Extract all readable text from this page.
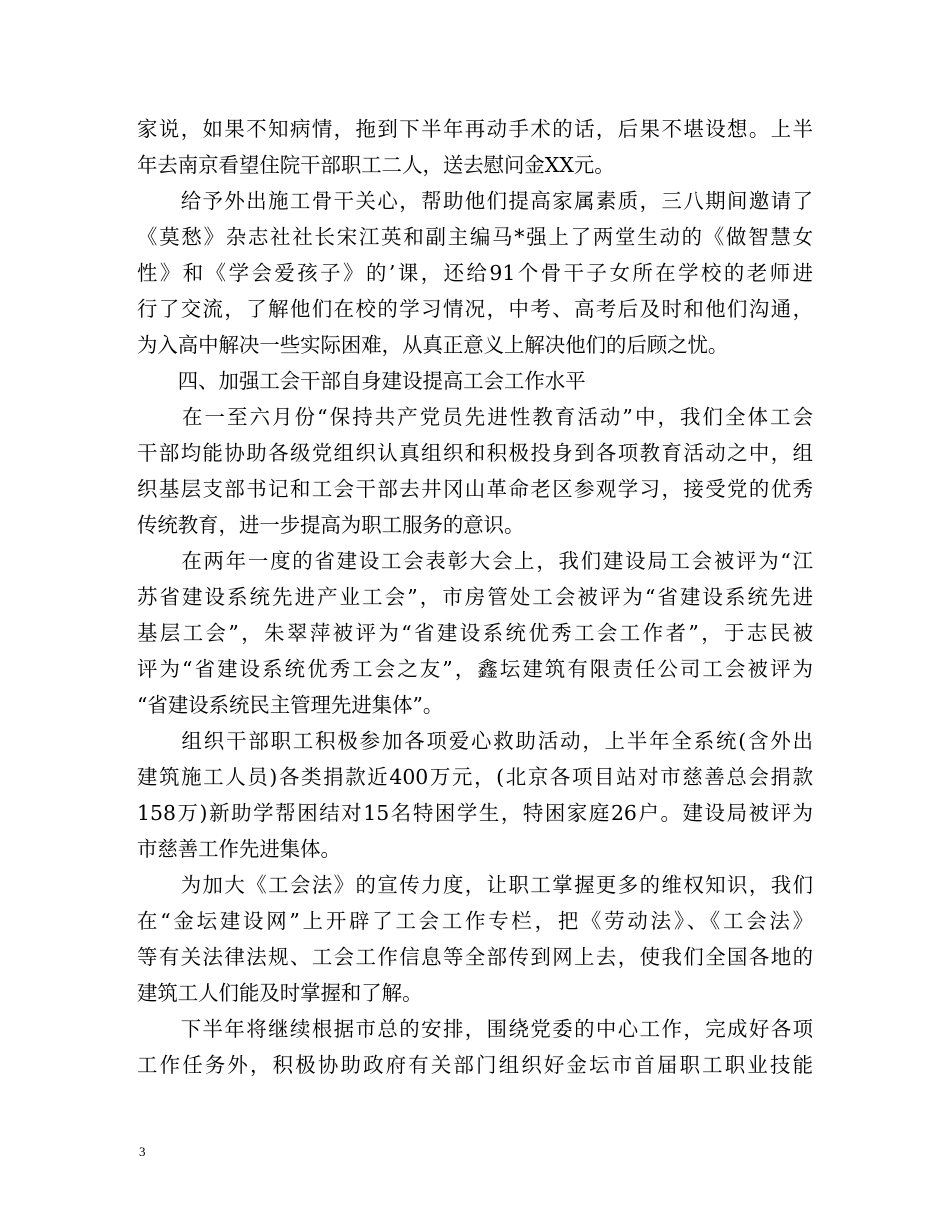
家说，如果不知病情，拖到下半年再动手术的话，后果不堪设想。上半
年去南京看望住院干部职工二人，送去慰问金XX元。

　　给予外出施工骨干关心，帮助他们提高家属素质，三八期间邀请了
《莫愁》杂志社社长宋江英和副主编马*强上了两堂生动的《做智慧女
性》和《学会爱孩子》的’课，还给91个骨干子女所在学校的老师进
行了交流，了解他们在校的学习情况，中考、高考后及时和他们沟通，
为入高中解决一些实际困难，从真正意义上解决他们的后顾之忧。

　　四、加强工会干部自身建设提高工会工作水平

　　在一至六月份“保持共产党员先进性教育活动”中，我们全体工会
干部均能协助各级党组织认真组织和积极投身到各项教育活动之中，组
织基层支部书记和工会干部去井冈山革命老区参观学习，接受党的优秀
传统教育，进一步提高为职工服务的意识。

　　在两年一度的省建设工会表彰大会上，我们建设局工会被评为“江
苏省建设系统先进产业工会”，市房管处工会被评为“省建设系统先进
基层工会”，朱翠萍被评为“省建设系统优秀工会工作者”，于志民被
评为“省建设系统优秀工会之友”，鑫坛建筑有限责任公司工会被评为
“省建设系统民主管理先进集体”。

　　组织干部职工积极参加各项爱心救助活动，上半年全系统(含外出
建筑施工人员)各类捐款近400万元，(北京各项目站对市慈善总会捐款
158万)新助学帮困结对15名特困学生，特困家庭26户。建设局被评为
市慈善工作先进集体。

　　为加大《工会法》的宣传力度，让职工掌握更多的维权知识，我们
在“金坛建设网”上开辟了工会工作专栏，把《劳动法》、《工会法》
等有关法律法规、工会工作信息等全部传到网上去，使我们全国各地的
建筑工人们能及时掌握和了解。

　　下半年将继续根据市总的安排，围绕党委的中心工作，完成好各项
工作任务外，积极协助政府有关部门组织好金坛市首届职工职业技能

3
